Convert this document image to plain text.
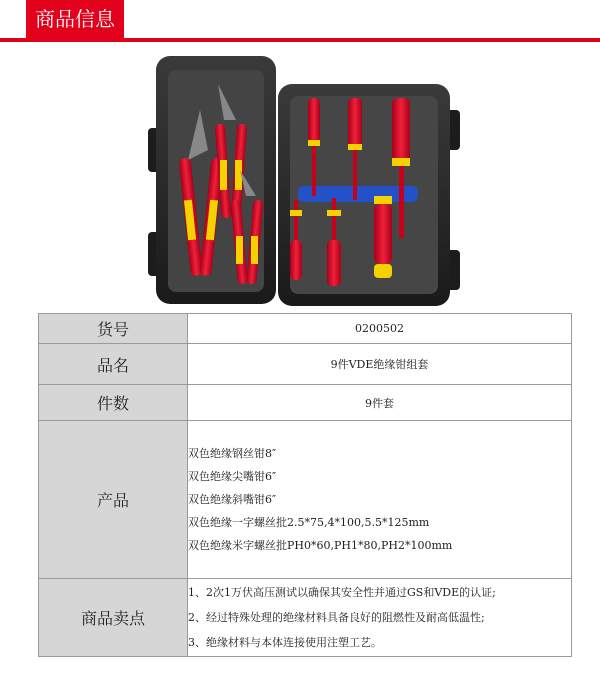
商品信息
货号	0200502
品名	9件VDE绝缘钳组套
件数	9件套
产品	双色绝缘钢丝钳8″
双色绝缘尖嘴钳6″
双色绝缘斜嘴钳6″
双色绝缘一字螺丝批2.5*75,4*100,5.5*125mm
双色绝缘米字螺丝批PH0*60,PH1*80,PH2*100mm

商品卖点	1、2次1万伏高压测试以确保其安全性并通过GS和VDE的认证;
2、经过特殊处理的绝缘材料具备良好的阻燃性及耐高低温性;
3、绝缘材料与本体连接使用注塑工艺。
